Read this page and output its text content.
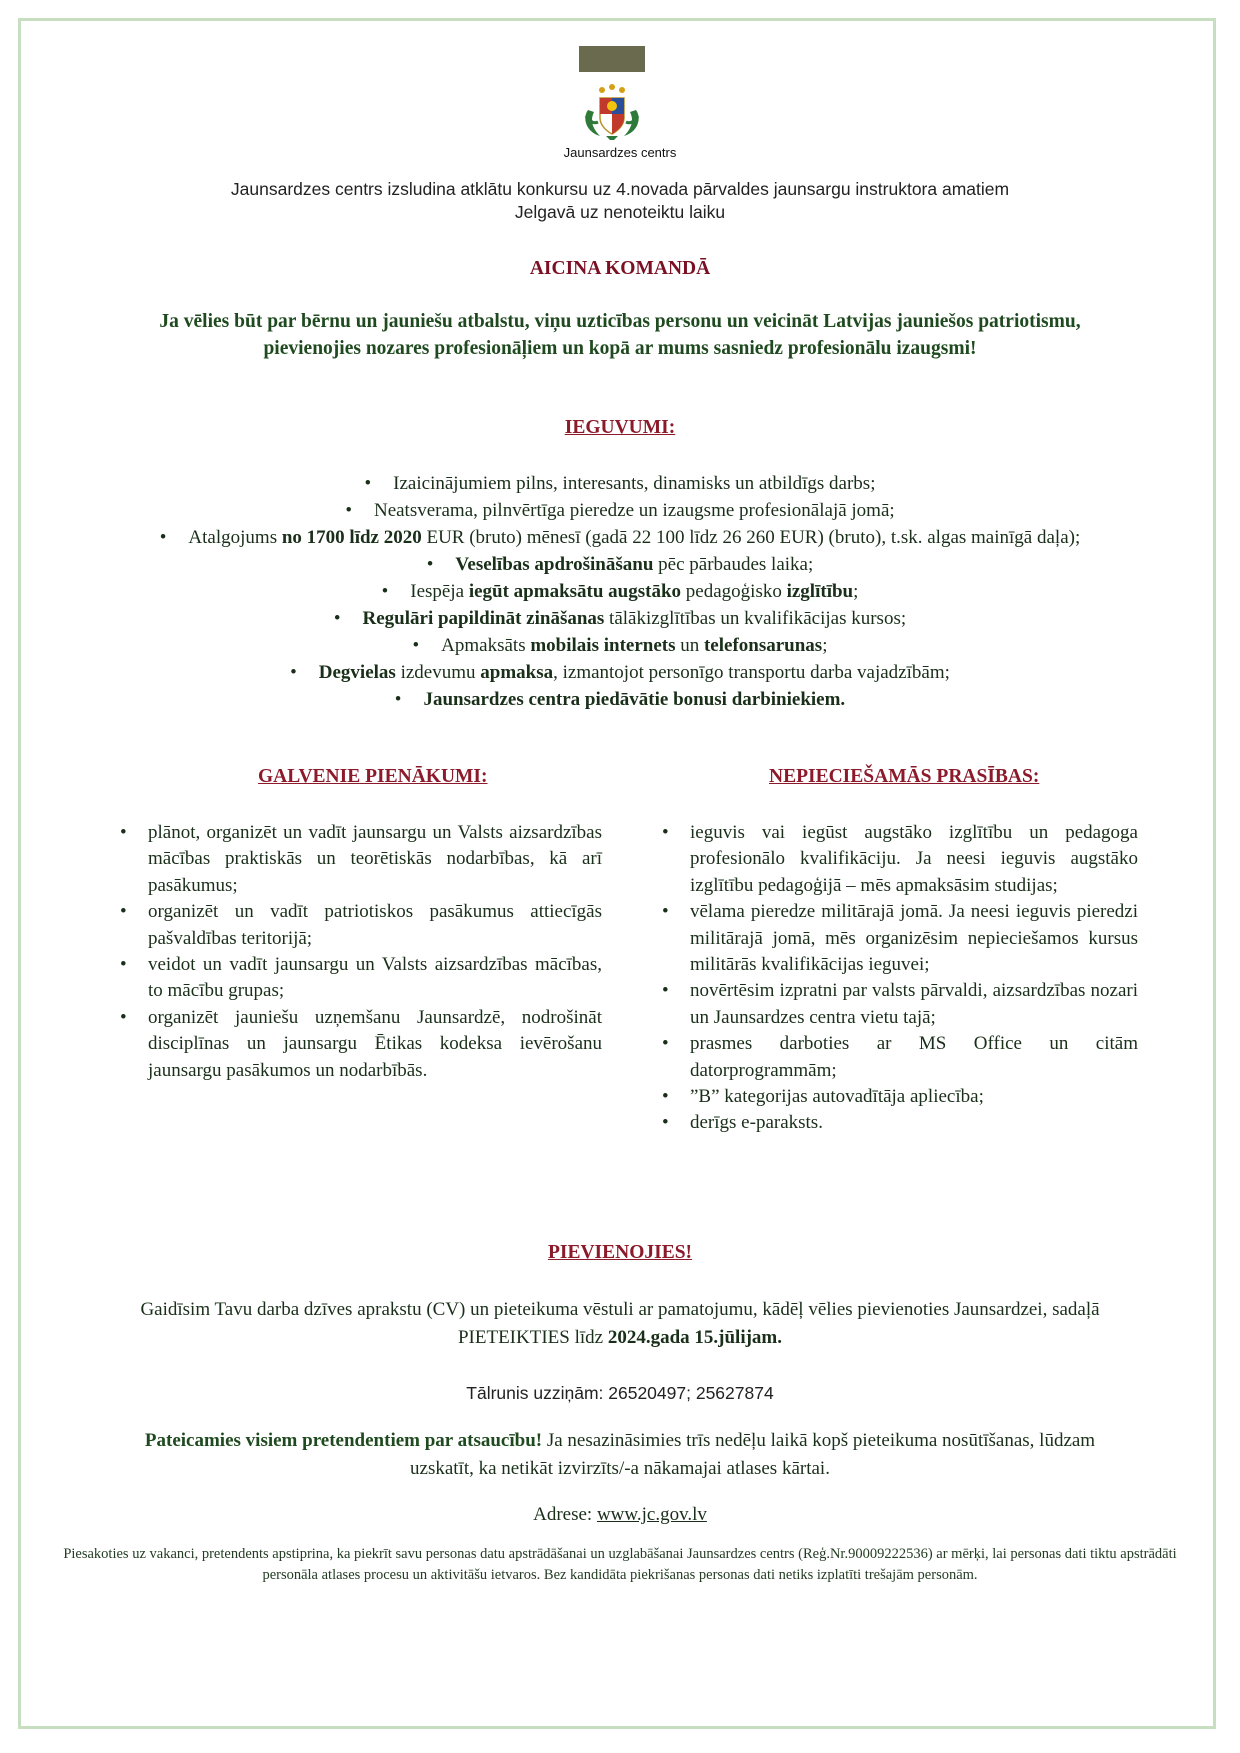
Jaunsardzes centrs
Jaunsardzes centrs izsludina atklātu konkursu uz 4.novada pārvaldes jaunsargu instruktora amatiem
Jelgavā uz nenoteiktu laiku
AICINA KOMANDĀ
Ja vēlies būt par bērnu un jauniešu atbalstu, viņu uzticības personu un veicināt Latvijas jauniešos patriotismu, pievienojies nozares profesionāļiem un kopā ar mums sasniedz profesionālu izaugsmi!
IEGUVUMI:
• Izaicinājumiem pilns, interesants, dinamisks un atbildīgs darbs;
• Neatsverama, pilnvērtīga pieredze un izaugsme profesionālajā jomā;
• Atalgojums no 1700 līdz 2020 EUR (bruto) mēnesī (gadā 22 100 līdz 26 260 EUR) (bruto), t.sk. algas mainīgā daļa);
• Veselības apdrošināšanu pēc pārbaudes laika;
• Iespēja iegūt apmaksātu augstāko pedagoģisko izglītību;
• Regulāri papildināt zināšanas tālākizglītības un kvalifikācijas kursos;
• Apmaksāts mobilais internets un telefonsarunas;
• Degvielas izdevumu apmaksa, izmantojot personīgo transportu darba vajadzībām;
• Jaunsardzes centra piedāvātie bonusi darbiniekiem.
GALVENIE PIENĀKUMI:
• plānot, organizēt un vadīt jaunsargu un Valsts aizsardzības mācības praktiskās un teorētiskās nodarbības, kā arī pasākumus;
• organizēt un vadīt patriotiskos pasākumus attiecīgās pašvaldības teritorijā;
• veidot un vadīt jaunsargu un Valsts aizsardzības mācības, to mācību grupas;
• organizēt jauniešu uzņemšanu Jaunsardzē, nodrošināt disciplīnas un jaunsargu Ētikas kodeksa ievērošanu jaunsargu pasākumos un nodarbībās.
NEPIECIEŠAMĀS PRASĪBAS:
• ieguvis vai iegūst augstāko izglītību un pedagoga profesionālo kvalifikāciju. Ja neesi ieguvis augstāko izglītību pedagoģijā – mēs apmaksāsim studijas;
• vēlama pieredze militārajā jomā. Ja neesi ieguvis pieredzi militārajā jomā, mēs organizēsim nepieciešamos kursus militārās kvalifikācijas ieguvei;
• novērtēsim izpratni par valsts pārvaldi, aizsardzības nozari un Jaunsardzes centra vietu tajā;
• prasmes darboties ar MS Office un citām datorprogrammām;
• ”B” kategorijas autovadītāja apliecība;
• derīgs e-paraksts.
PIEVIENOJIES!
Gaidīsim Tavu darba dzīves aprakstu (CV) un pieteikuma vēstuli ar pamatojumu, kādēļ vēlies pievienoties Jaunsardzei, sadaļā PIETEIKTIES līdz 2024.gada 15.jūlijam.
Tālrunis uzziņām: 26520497; 25627874
Pateicamies visiem pretendentiem par atsaucību! Ja nesazināsimies trīs nedēļu laikā kopš pieteikuma nosūtīšanas, lūdzam uzskatīt, ka netikāt izvirzīts/-a nākamajai atlases kārtai.
Adrese: www.jc.gov.lv
Piesakoties uz vakanci, pretendents apstiprina, ka piekrīt savu personas datu apstrādāšanai un uzglabāšanai Jaunsardzes centrs (Reģ.Nr.90009222536) ar mērķi, lai personas dati tiktu apstrādāti personāla atlases procesu un aktivitāšu ietvaros. Bez kandidāta piekrišanas personas dati netiks izplatīti trešajām personām.
